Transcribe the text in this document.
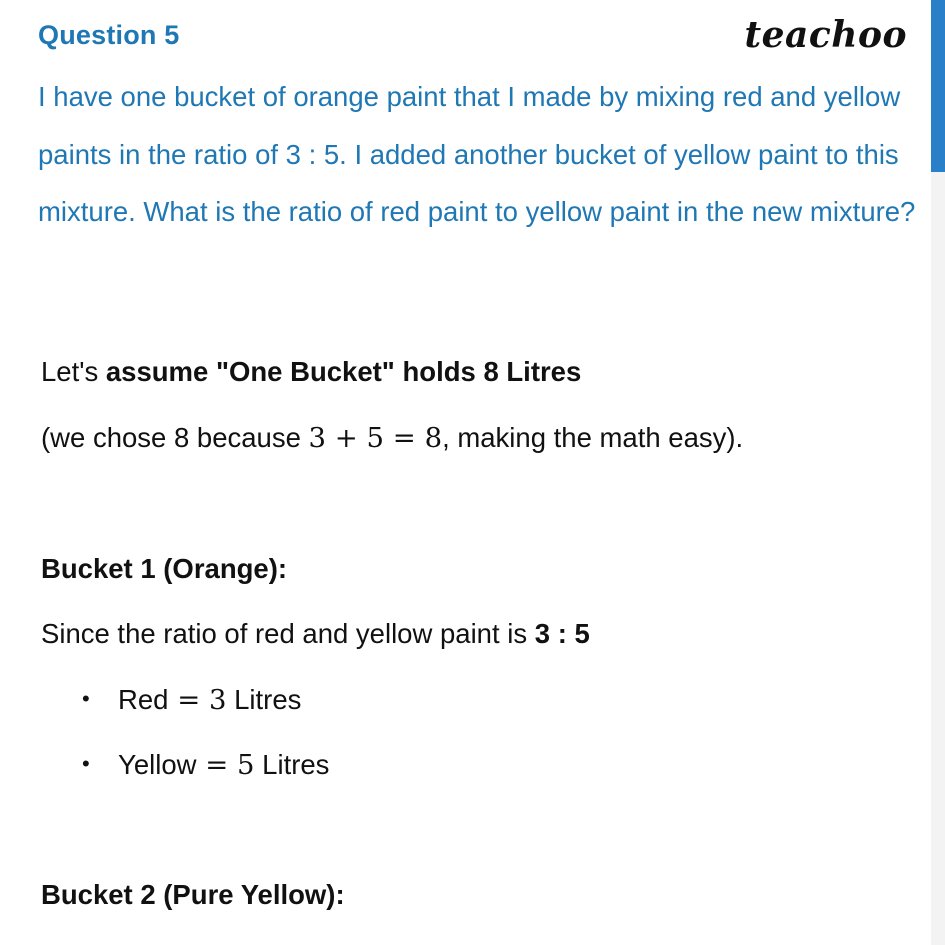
Question 5	teachoo

I have one bucket of orange paint that I made by mixing red and yellow paints in the ratio of 3 : 5. I added another bucket of yellow paint to this mixture. What is the ratio of red paint to yellow paint in the new mixture?

Let's assume "One Bucket" holds 8 Litres

(we chose 8 because 3 + 5 = 8, making the math easy).

Bucket 1 (Orange):

Since the ratio of red and yellow paint is 3 : 5

• Red = 3 Litres
• Yellow = 5 Litres

Bucket 2 (Pure Yellow):
